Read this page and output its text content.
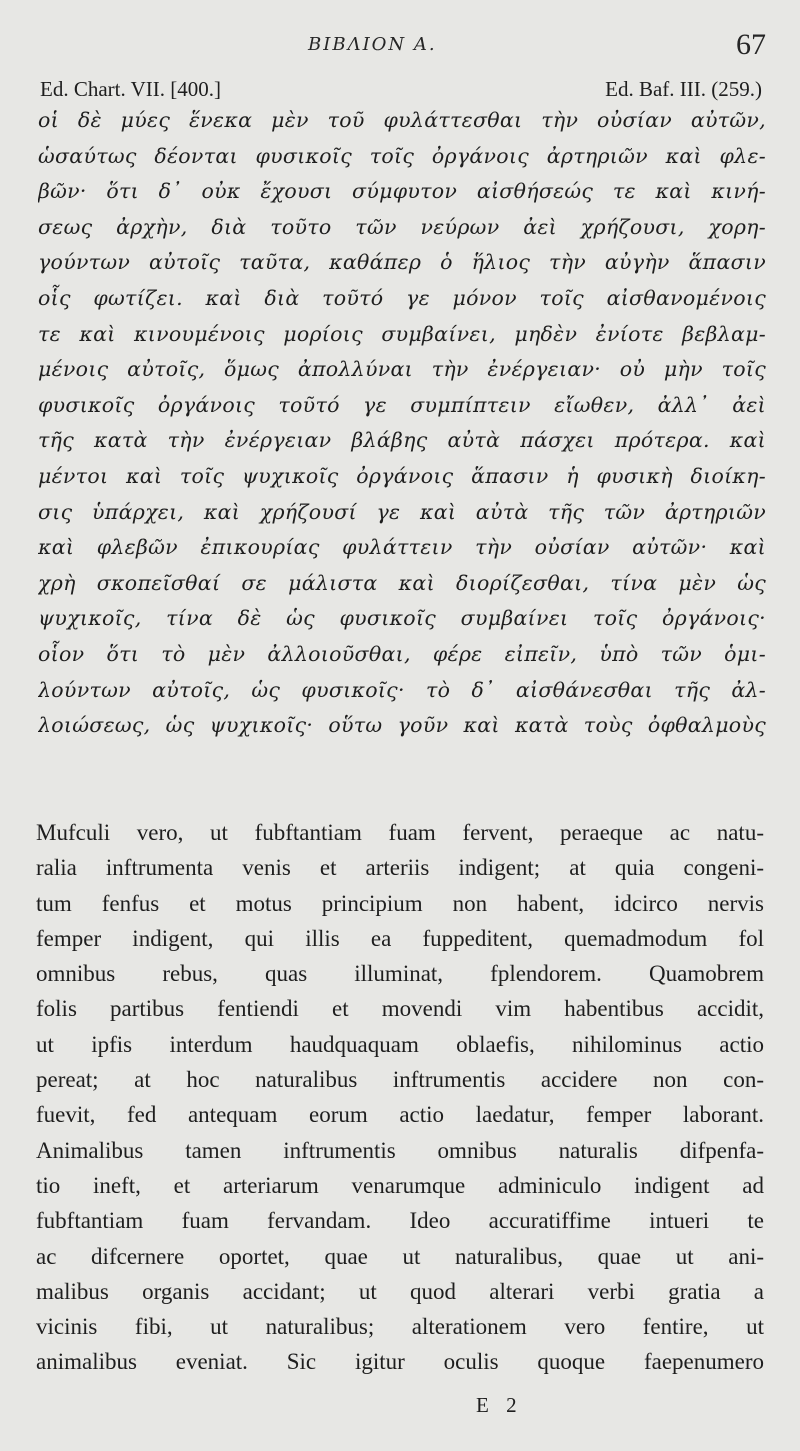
ΒΙΒΛΙΟΝ Α.	67
Ed. Chart. VII. [400.]	Ed. Baf. III. (259.)
οἱ δὲ μύες ἕνεκα μὲν τοῦ φυλάττεσθαι τὴν οὐσίαν αὐτῶν,
ὡσαύτως δέονται φυσικοῖς τοῖς ὀργάνοις ἀρτηριῶν καὶ φλε-
βῶν· ὅτι δ᾽ οὐκ ἔχουσι σύμφυτον αἰσθήσεώς τε καὶ κινή-
σεως ἀρχὴν, διὰ τοῦτο τῶν νεύρων ἀεὶ χρήζουσι, χορη-
γούντων αὐτοῖς ταῦτα, καθάπερ ὁ ἥλιος τὴν αὐγὴν ἅπασιν
οἷς φωτίζει. καὶ διὰ τοῦτό γε μόνον τοῖς αἰσθανομένοις
τε καὶ κινουμένοις μορίοις συμβαίνει, μηδὲν ἐνίοτε βεβλαμ-
μένοις αὐτοῖς, ὅμως ἀπολλύναι τὴν ἐνέργειαν· οὐ μὴν τοῖς
φυσικοῖς ὀργάνοις τοῦτό γε συμπίπτειν εἴωθεν, ἀλλ᾽ ἀεὶ
τῆς κατὰ τὴν ἐνέργειαν βλάβης αὐτὰ πάσχει πρότερα. καὶ
μέντοι καὶ τοῖς ψυχικοῖς ὀργάνοις ἅπασιν ἡ φυσικὴ διοίκη-
σις ὑπάρχει, καὶ χρήζουσί γε καὶ αὐτὰ τῆς τῶν ἀρτηριῶν
καὶ φλεβῶν ἐπικουρίας φυλάττειν τὴν οὐσίαν αὐτῶν· καὶ
χρὴ σκοπεῖσθαί σε μάλιστα καὶ διορίζεσθαι, τίνα μὲν ὡς
ψυχικοῖς, τίνα δὲ ὡς φυσικοῖς συμβαίνει τοῖς ὀργάνοις·
οἷον ὅτι τὸ μὲν ἀλλοιοῦσθαι, φέρε εἰπεῖν, ὑπὸ τῶν ὁμι-
λούντων αὐτοῖς, ὡς φυσικοῖς· τὸ δ᾽ αἰσθάνεσθαι τῆς ἀλ-
λοιώσεως, ὡς ψυχικοῖς· οὕτω γοῦν καὶ κατὰ τοὺς ὀφθαλμοὺς
Mufculi vero, ut fubftantiam fuam fervent, peraeque ac natu-
ralia inftrumenta venis et arteriis indigent; at quia congeni-
tum fenfus et motus principium non habent, idcirco nervis
femper indigent, qui illis ea fuppeditent, quemadmodum fol
omnibus rebus, quas illuminat, fplendorem. Quamobrem
folis partibus fentiendi et movendi vim habentibus accidit,
ut ipfis interdum haudquaquam oblaefis, nihilominus actio
pereat; at hoc naturalibus inftrumentis accidere non con-
fuevit, fed antequam eorum actio laedatur, femper laborant.
Animalibus tamen inftrumentis omnibus naturalis difpenfa-
tio ineft, et arteriarum venarumque adminiculo indigent ad
fubftantiam fuam fervandam. Ideo accuratiffime intueri te
ac difcernere oportet, quae ut naturalibus, quae ut ani-
malibus organis accidant; ut quod alterari verbi gratia a
vicinis fibi, ut naturalibus; alterationem vero fentire, ut
animalibus eveniat. Sic igitur oculis quoque faepenumero
E 2
